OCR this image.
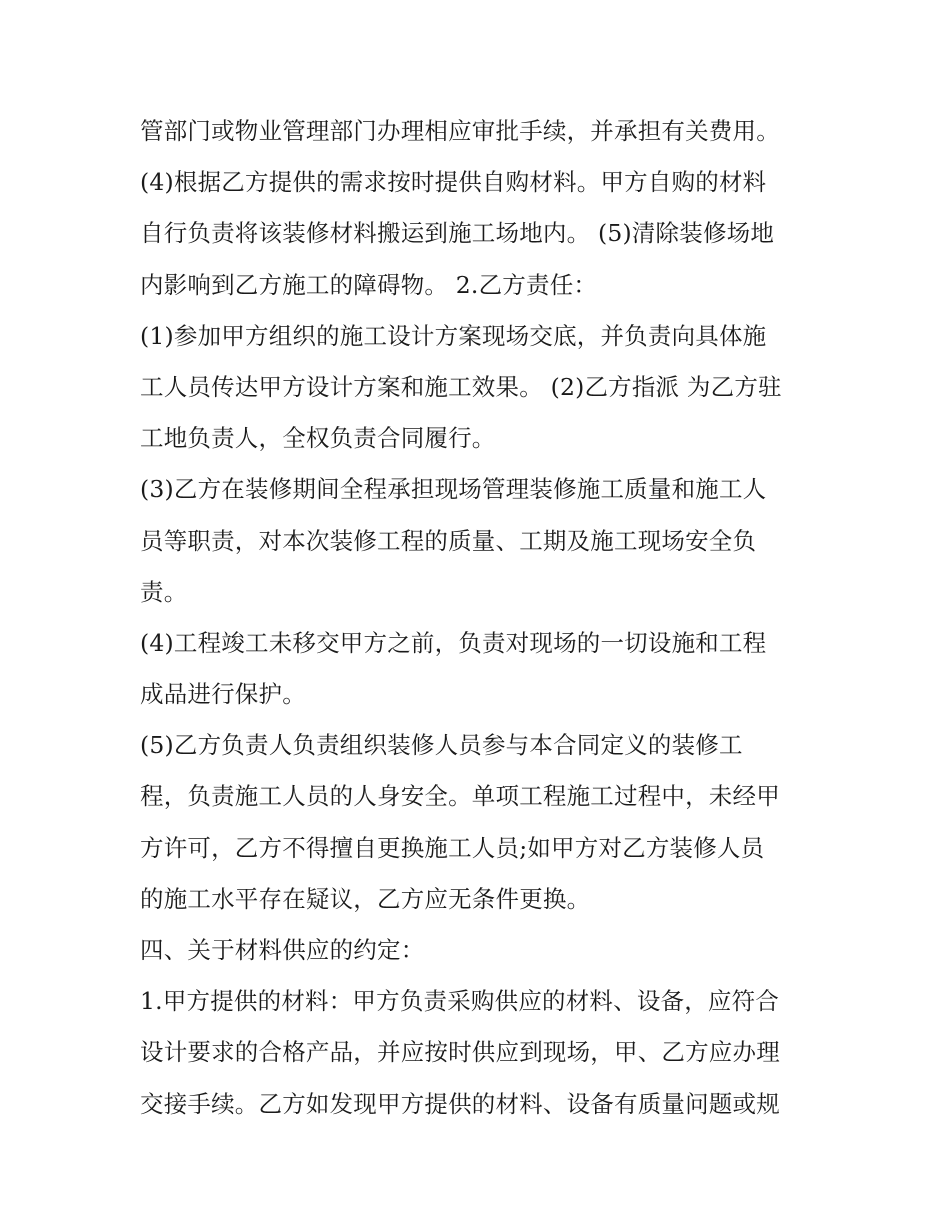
管部门或物业管理部门办理相应审批手续，并承担有关费用。
(4)根据乙方提供的需求按时提供自购材料。甲方自购的材料
自行负责将该装修材料搬运到施工场地内。 (5)清除装修场地
内影响到乙方施工的障碍物。 2.乙方责任：
(1)参加甲方组织的施工设计方案现场交底，并负责向具体施
工人员传达甲方设计方案和施工效果。 (2)乙方指派 为乙方驻
工地负责人，全权负责合同履行。
(3)乙方在装修期间全程承担现场管理装修施工质量和施工人
员等职责，对本次装修工程的质量、工期及施工现场安全负
责。
(4)工程竣工未移交甲方之前，负责对现场的一切设施和工程
成品进行保护。
(5)乙方负责人负责组织装修人员参与本合同定义的装修工
程，负责施工人员的人身安全。单项工程施工过程中，未经甲
方许可，乙方不得擅自更换施工人员;如甲方对乙方装修人员
的施工水平存在疑议，乙方应无条件更换。
四、关于材料供应的约定：
1.甲方提供的材料：甲方负责采购供应的材料、设备，应符合
设计要求的合格产品，并应按时供应到现场，甲、乙方应办理
交接手续。乙方如发现甲方提供的材料、设备有质量问题或规
